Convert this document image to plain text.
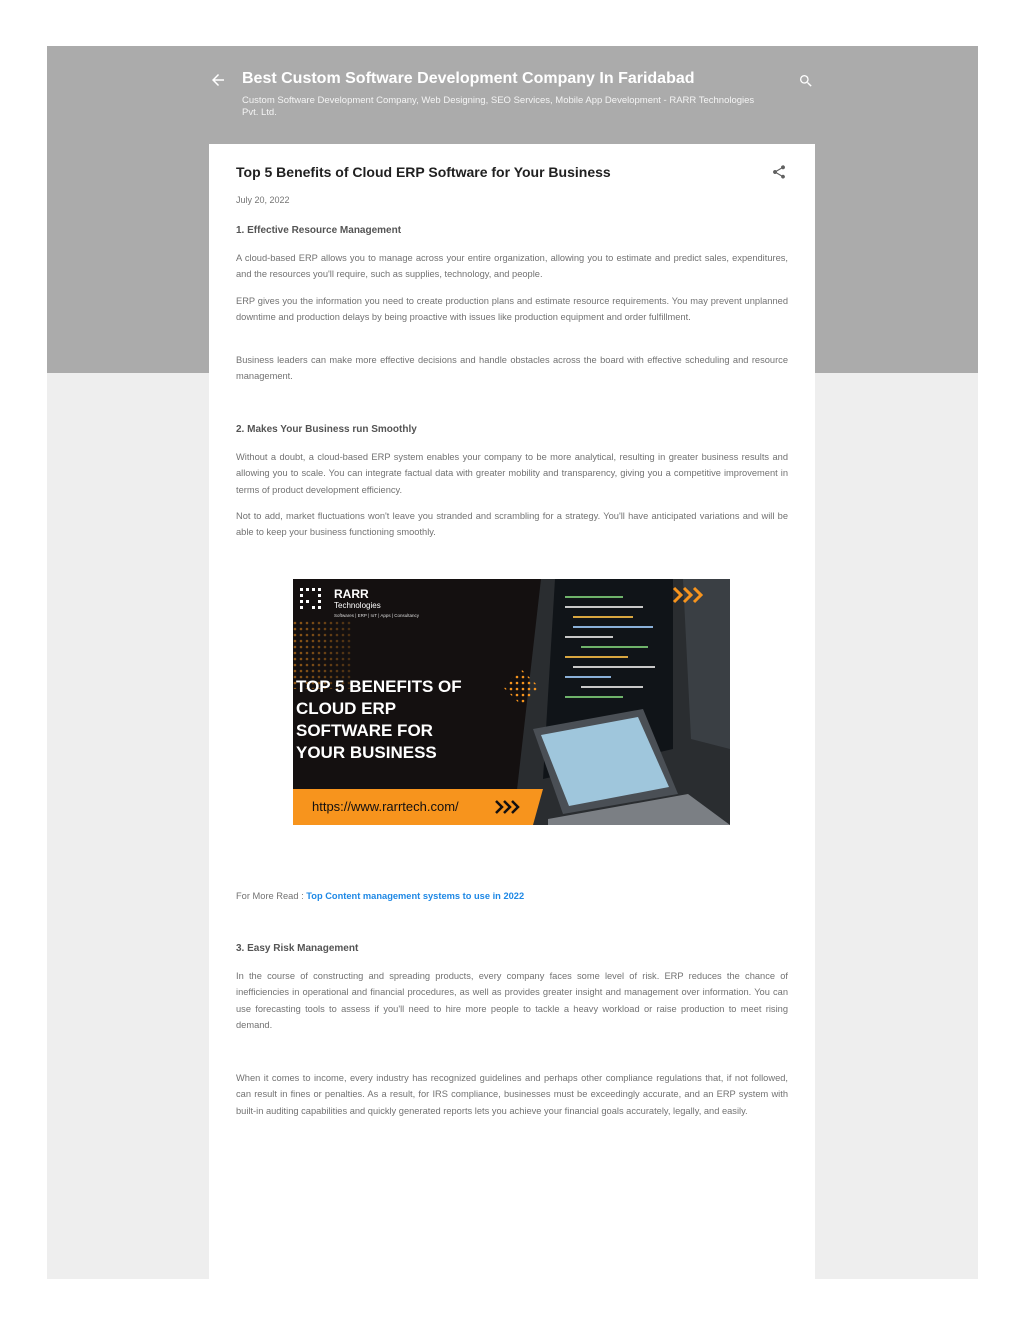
Best Custom Software Development Company In Faridabad
Custom Software Development Company, Web Designing, SEO Services, Mobile App Development - RARR Technologies Pvt. Ltd.
Top 5 Benefits of Cloud ERP Software for Your Business
July 20, 2022
1. Effective Resource Management

A cloud-based ERP allows you to manage across your entire organization, allowing you to estimate and predict sales, expenditures, and the resources you'll require, such as supplies, technology, and people.

ERP gives you the information you need to create production plans and estimate resource requirements. You may prevent unplanned downtime and production delays by being proactive with issues like production equipment and order fulfillment.

Business leaders can make more effective decisions and handle obstacles across the board with effective scheduling and resource management.

2. Makes Your Business run Smoothly

Without a doubt, a cloud-based ERP system enables your company to be more analytical, resulting in greater business results and allowing you to scale. You can integrate factual data with greater mobility and transparency, giving you a competitive improvement in terms of product development efficiency.

Not to add, market fluctuations won't leave you stranded and scrambling for a strategy. You'll have anticipated variations and will be able to keep your business functioning smoothly.

RARR
Technologies
Softwares | ERP | IoT | Apps | Consultancy
TOP 5 BENEFITS OF
CLOUD ERP
SOFTWARE FOR
YOUR BUSINESS
https://www.rarrtech.com/
For More Read : Top Content management systems to use in 2022
3. Easy Risk Management

In the course of constructing and spreading products, every company faces some level of risk. ERP reduces the chance of inefficiencies in operational and financial procedures, as well as provides greater insight and management over information. You can use forecasting tools to assess if you'll need to hire more people to tackle a heavy workload or raise production to meet rising demand.

When it comes to income, every industry has recognized guidelines and perhaps other compliance regulations that, if not followed, can result in fines or penalties. As a result, for IRS compliance, businesses must be exceedingly accurate, and an ERP system with built-in auditing capabilities and quickly generated reports lets you achieve your financial goals accurately, legally, and easily.
